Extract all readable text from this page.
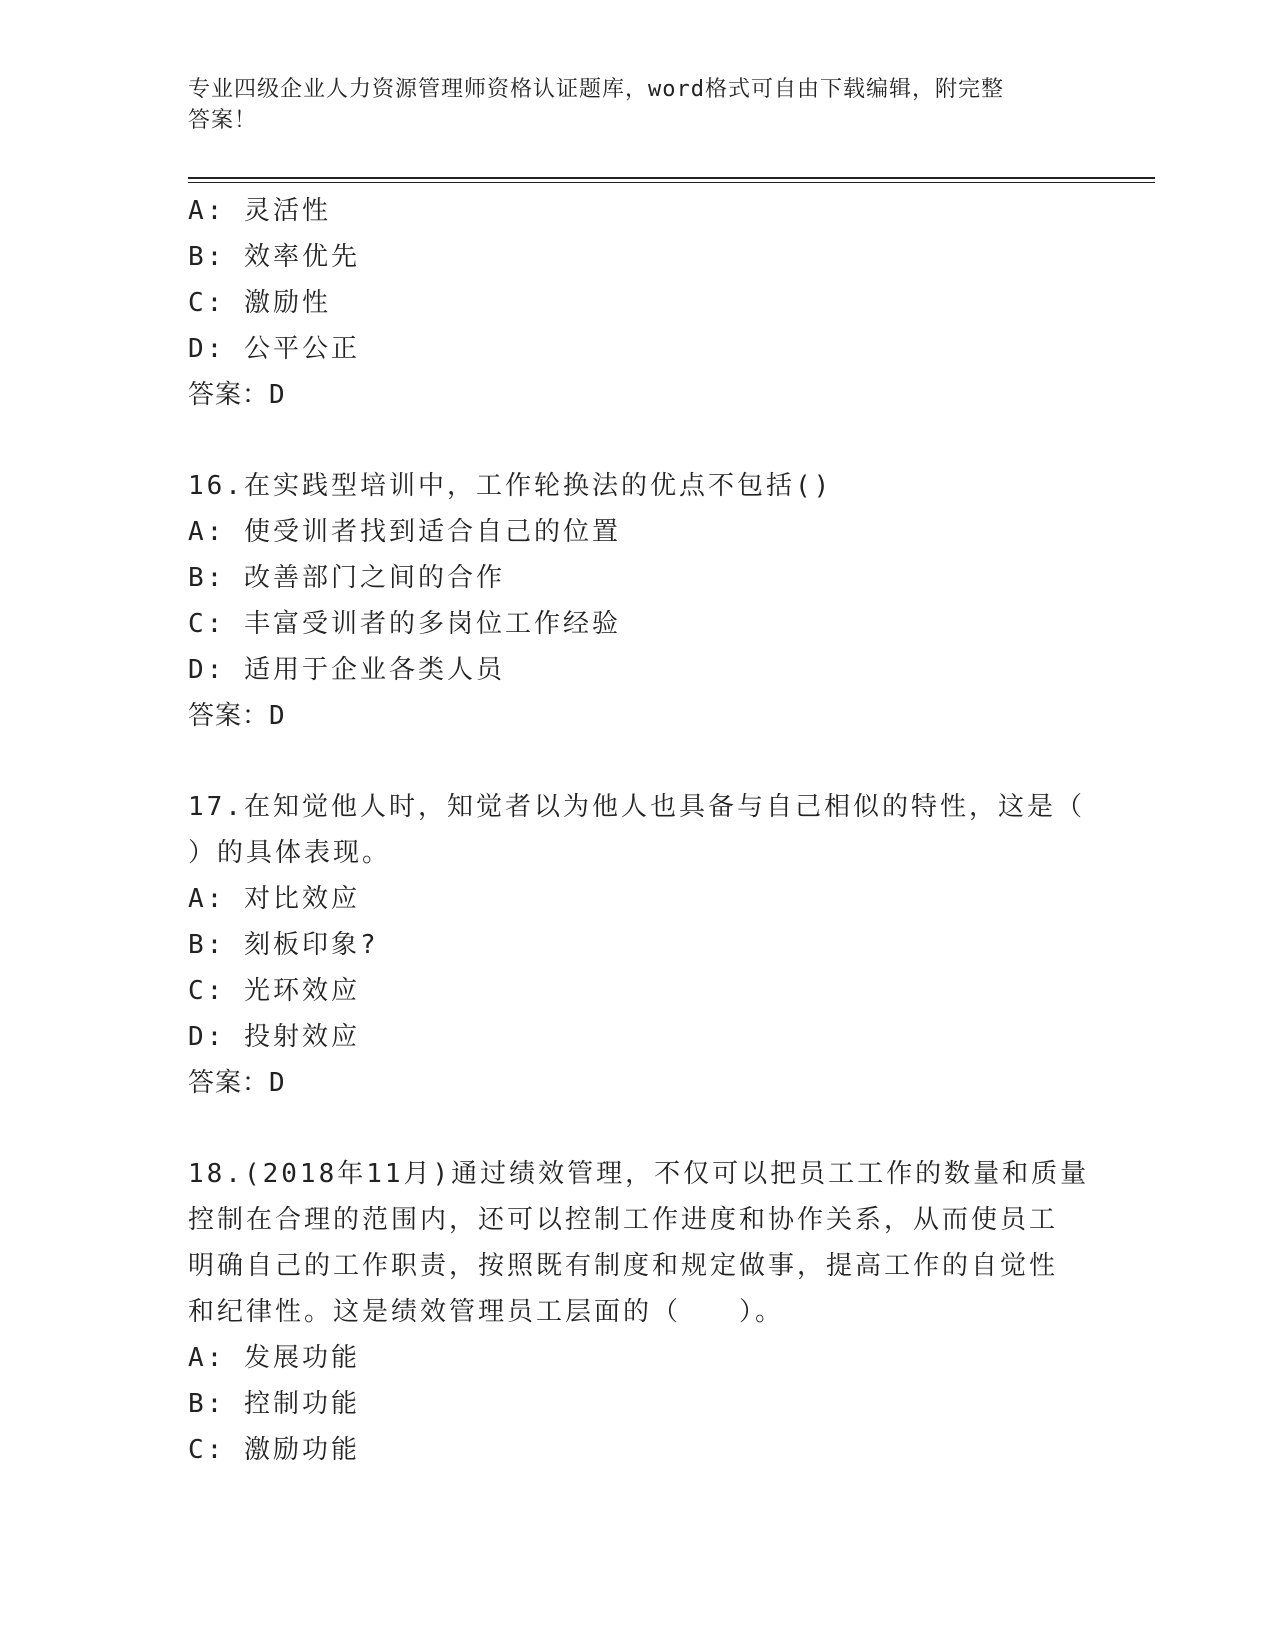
专业四级企业人力资源管理师资格认证题库，word格式可自由下载编辑，附完整
答案！
A: 灵活性
B: 效率优先
C: 激励性
D: 公平公正
答案：D
16.在实践型培训中，工作轮换法的优点不包括()
A: 使受训者找到适合自己的位置
B: 改善部门之间的合作
C: 丰富受训者的多岗位工作经验
D: 适用于企业各类人员
答案：D
17.在知觉他人时，知觉者以为他人也具备与自己相似的特性，这是（
）的具体表现。
A: 对比效应
B: 刻板印象?
C: 光环效应
D: 投射效应
答案：D
18.(2018年11月)通过绩效管理，不仅可以把员工工作的数量和质量
控制在合理的范围内，还可以控制工作进度和协作关系，从而使员工
明确自己的工作职责，按照既有制度和规定做事，提高工作的自觉性
和纪律性。这是绩效管理员工层面的（　　）。
A: 发展功能
B: 控制功能
C: 激励功能
